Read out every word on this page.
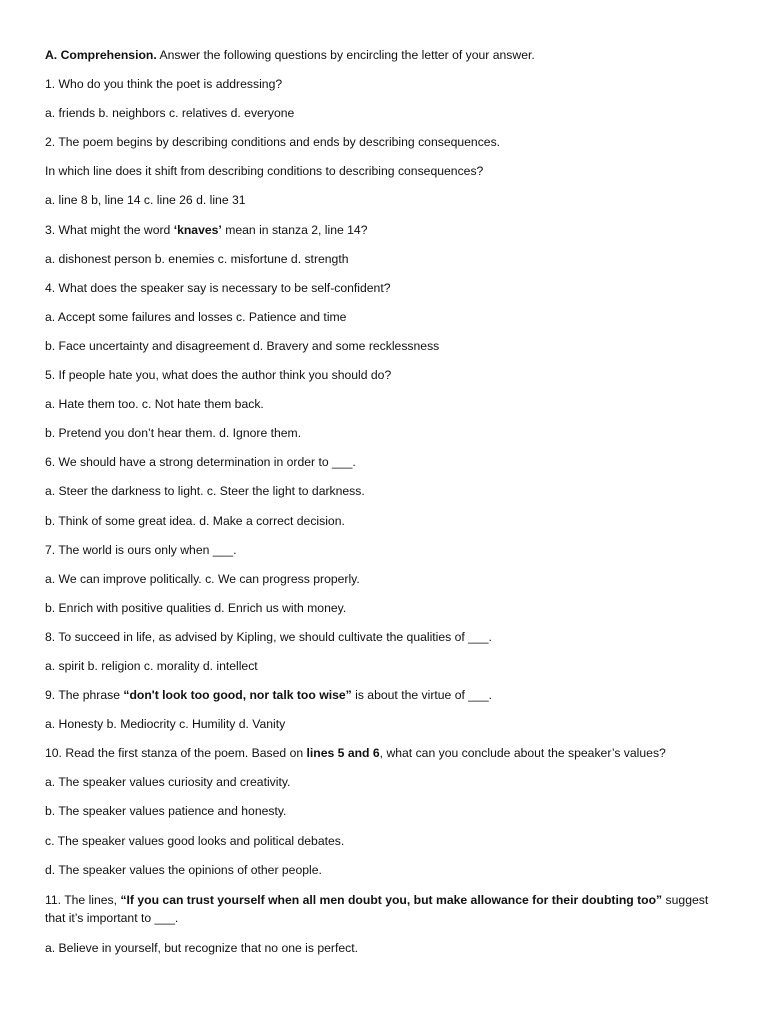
A. Comprehension. Answer the following questions by encircling the letter of your answer.
1. Who do you think the poet is addressing?
a. friends b. neighbors c. relatives d. everyone
2. The poem begins by describing conditions and ends by describing consequences.
In which line does it shift from describing conditions to describing consequences?
a. line 8 b, line 14 c. line 26 d. line 31
3. What might the word ‘knaves’ mean in stanza 2, line 14?
a. dishonest person b. enemies c. misfortune d. strength
4. What does the speaker say is necessary to be self-confident?
a. Accept some failures and losses c. Patience and time
b. Face uncertainty and disagreement d. Bravery and some recklessness
5. If people hate you, what does the author think you should do?
a. Hate them too. c. Not hate them back.
b. Pretend you don’t hear them. d. Ignore them.
6. We should have a strong determination in order to ___.
a. Steer the darkness to light. c. Steer the light to darkness.
b. Think of some great idea. d. Make a correct decision.
7. The world is ours only when ___.
a. We can improve politically. c. We can progress properly.
b. Enrich with positive qualities d. Enrich us with money.
8. To succeed in life, as advised by Kipling, we should cultivate the qualities of ___.
a. spirit b. religion c. morality d. intellect
9. The phrase “don't look too good, nor talk too wise” is about the virtue of ___.
a. Honesty b. Mediocrity c. Humility d. Vanity
10. Read the first stanza of the poem. Based on lines 5 and 6, what can you conclude about the speaker’s values?
a. The speaker values curiosity and creativity.
b. The speaker values patience and honesty.
c. The speaker values good looks and political debates.
d. The speaker values the opinions of other people.
11. The lines, “If you can trust yourself when all men doubt you, but make allowance for their doubting too” suggest that it’s important to ___.
a. Believe in yourself, but recognize that no one is perfect.
